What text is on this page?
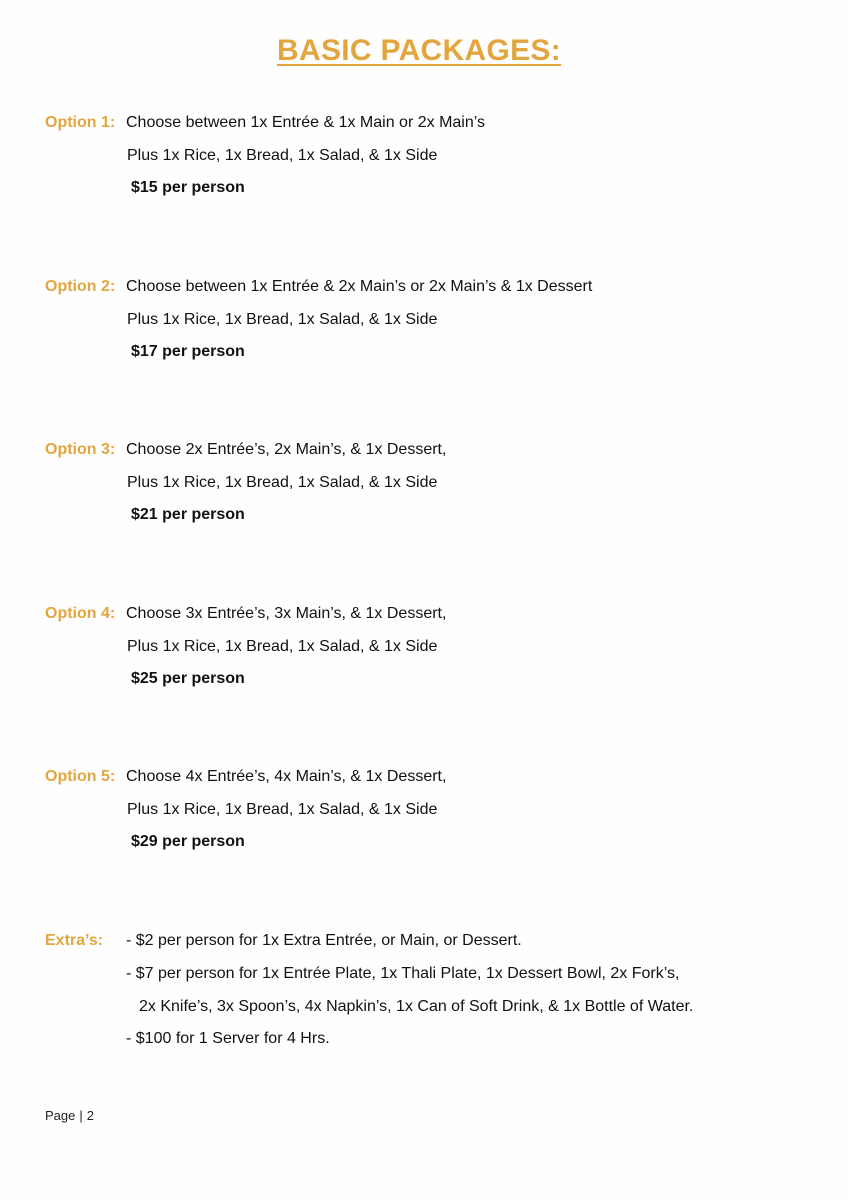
BASIC PACKAGES:
Option 1: Choose between 1x Entrée & 1x Main or 2x Main’s
Plus 1x Rice, 1x Bread, 1x Salad, & 1x Side
$15 per person
Option 2: Choose between 1x Entrée & 2x Main’s or 2x Main’s & 1x Dessert
Plus 1x Rice, 1x Bread, 1x Salad, & 1x Side
$17 per person
Option 3: Choose 2x Entrée’s, 2x Main’s, & 1x Dessert,
Plus 1x Rice, 1x Bread, 1x Salad, & 1x Side
$21 per person
Option 4: Choose 3x Entrée’s, 3x Main’s, & 1x Dessert,
Plus 1x Rice, 1x Bread, 1x Salad, & 1x Side
$25 per person
Option 5: Choose 4x Entrée’s, 4x Main’s, & 1x Dessert,
Plus 1x Rice, 1x Bread, 1x Salad, & 1x Side
$29 per person
Extra’s: - $2 per person for 1x Extra Entrée, or Main, or Dessert.
- $7 per person for 1x Entrée Plate, 1x Thali Plate, 1x Dessert Bowl, 2x Fork’s,
2x Knife’s, 3x Spoon’s, 4x Napkin’s, 1x Can of Soft Drink, & 1x Bottle of Water.
- $100 for 1 Server for 4 Hrs.
Page | 2
